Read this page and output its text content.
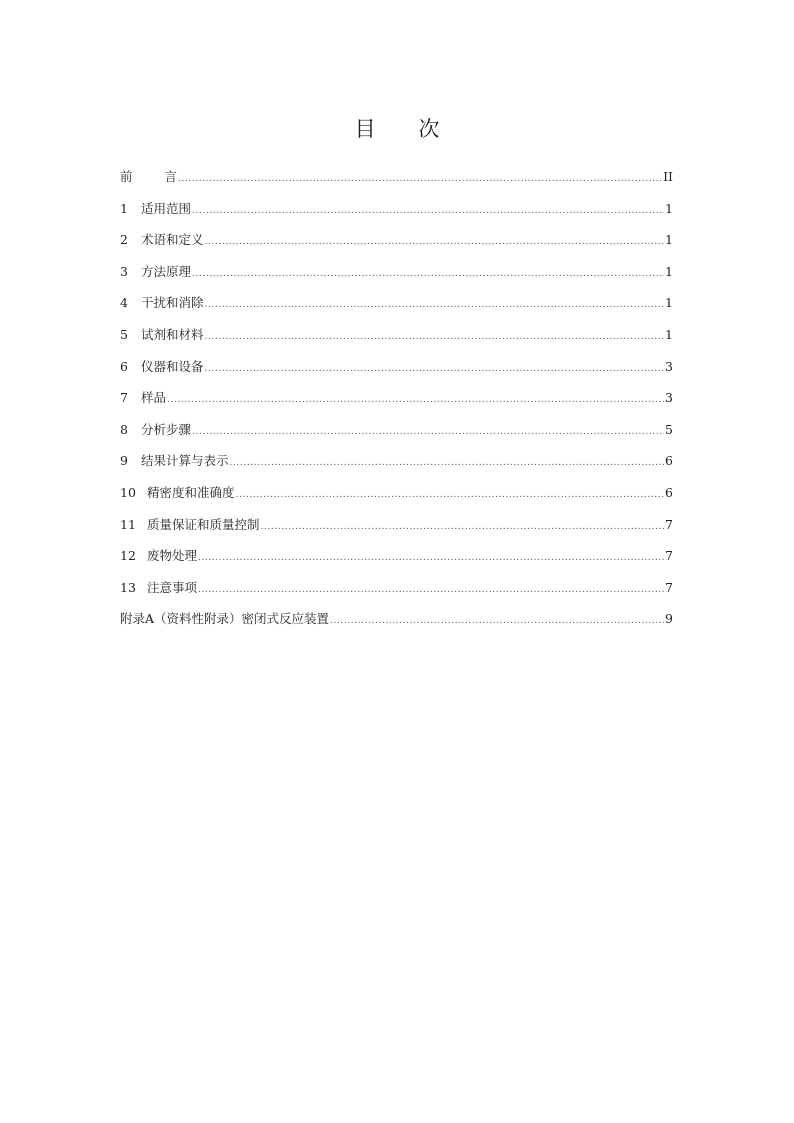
目 次
前 言 .....	II
1	适用范围 .....	1
2	术语和定义 .....	1
3	方法原理 .....	1
4	干扰和消除 .....	1
5	试剂和材料 .....	1
6	仪器和设备 .....	3
7	样品 .....	3
8	分析步骤 .....	5
9	结果计算与表示 .....	6
10 精密度和准确度 .....	6
11 质量保证和质量控制 .....	7
12 废物处理 .....	7
13 注意事项 .....	7
附录A（资料性附录）密闭式反应装置 .....	9
